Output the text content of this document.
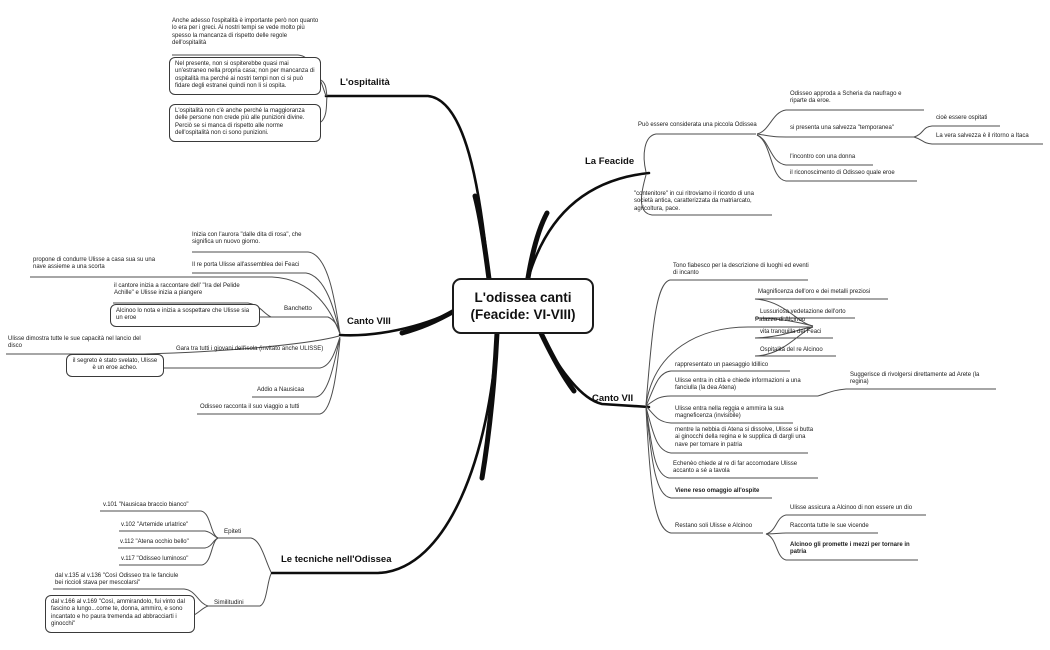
L'odissea canti
(Feacide: VI-VIII)
L'ospitalità
La Feacide
Canto VIII
Canto VII
Le tecniche nell'Odissea
Anche adesso l'ospitalità è importante però non quanto lo era per i greci. Ai nostri tempi se vede molto più spesso la mancanza di rispetto delle regole dell'ospitalità
Nel presente, non si ospiterebbe quasi mai un'estraneo nella propria casa; non per mancanza di ospitalità ma perché ai nostri tempi non ci si può fidare degli estranei quindi non li si ospita.
L'ospitalità non c'è anche perché la maggioranza delle persone non crede più alle punizioni divine. Perciò se si manca di rispetto alle norme dell'ospitalità non ci sono punizioni.
Può essere considerata una piccola Odissea
Odisseo approda a Scheria da naufrago e riparte da eroe.
si presenta una salvezza "temporanea"
cioè essere ospitati
La vera salvezza è il ritorno a Itaca
l'incontro con una donna
il riconoscimento di Odisseo quale eroe
"contenitore" in cui ritroviamo il ricordo di una società antica, caratterizzata da matriarcato, agricoltura, pace.
Inizia con l'aurora "dalle dita di rosa", che significa un nuovo giorno.
Il re porta Ulisse all'assemblea dei Feaci
propone di condurre Ulisse a casa sua su una nave assieme a una scorta
il cantore inizia a raccontare dell' "Ira del Pelide Achille" e Ulisse inizia a piangere
Banchetto
Alcinoo lo nota e inizia a sospettare che Ulisse sia un eroe
Ulisse dimostra tutte le sue capacità nel lancio del disco	Gara tra tutti i giovani dell'isola (invitato anche ULISSE)
il segreto è stato svelato, Ulisse è un eroe acheo.
Addio a Nausicaa
Odisseo racconta il suo viaggio a tutti
Tono fiabesco per la descrizione di luoghi ed eventi di incanto
Palazzo di Alcinoo
Magnificenza dell'oro e dei metalli preziosi
Lussuriosa vedetazione dell'orto
vita tranquilla dei Feaci
Ospitalità del re Alcinoo
rappresentato un paesaggio Idillico
Ulisse entra in città e chiede informazioni a una fanciulla (la dea Atena)
Suggerisce di rivolgersi direttamente ad Arete (la regina)
Ulisse entra nella reggia e ammira la sua magneficenza (invisibile)
mentre la nebbia di Atena si dissolve, Ulisse si butta ai ginocchi della regina e le supplica di dargli una nave per tornare in patria
Echenèo chiede al re di far accomodare Ulisse accanto a sé a tavola
Viene reso omaggio all'ospite
Restano soli Ulisse e Alcinoo
Ulisse assicura a Alcinoo di non essere un dio
Racconta tutte le sue vicende
Alcinoo gli promette i mezzi per tornare in patria
Epiteti
v.101 "Nausicaa braccio bianco"
v.102 "Artemide urlatrice"
v.112 "Atena occhio bello"
v.117 "Odisseo luminoso"
Similitudini
dal v.135 al v.136 "Così Odisseo tra le fanciule bei riccioli stava per mescolarsi"
dal v.166 al v.169 "Così, ammirandolo, fui vinto dal fascino a lungo...come te, donna, ammiro, e sono incantato e ho paura tremenda ad abbracciarti i ginocchi"
